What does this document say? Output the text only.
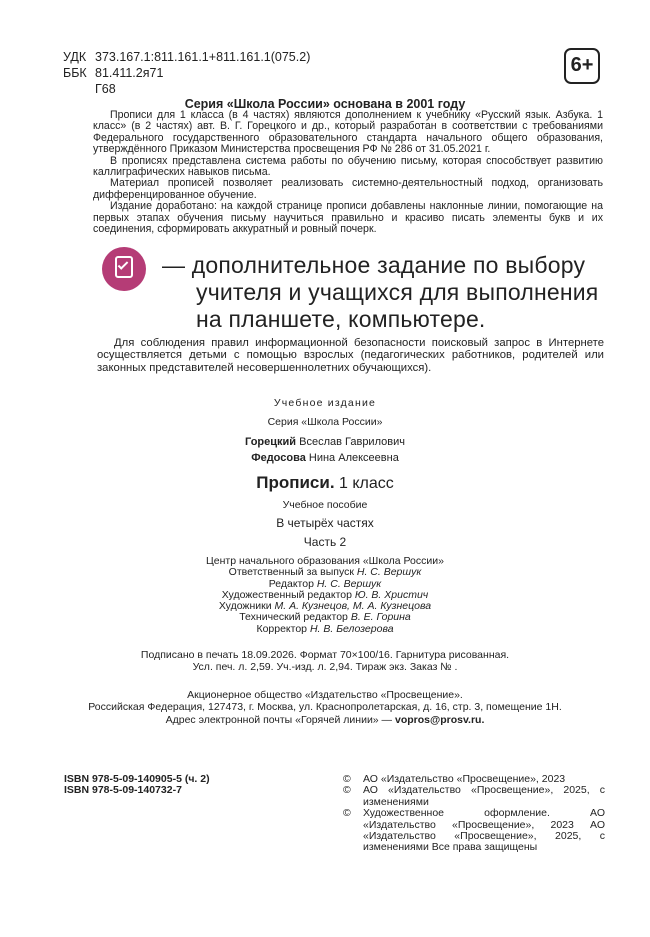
УДК 373.167.1:811.161.1+811.161.1(075.2)
ББК 81.411.2я71
Г68
6+
Серия «Школа России» основана в 2001 году

Прописи для 1 класса (в 4 частях) являются дополнением к учебнику «Русский язык. Азбука. 1 класс» (в 2 частях) авт. В. Г. Горецкого и др., который разработан в соответствии с требованиями Федерального государственного образовательного стандарта начального общего образования, утверждённого Приказом Министерства просвещения РФ № 286 от 31.05.2021 г.

В прописях представлена система работы по обучению письму, которая способствует развитию каллиграфических навыков письма.

Материал прописей позволяет реализовать системно-деятельностный подход, организовать дифференцированное обучение.

Издание доработано: на каждой странице прописи добавлены наклонные линии, помогающие на первых этапах обучения письму научиться правильно и красиво писать элементы букв и их соединения, сформировать аккуратный и ровный почерк.

— дополнительное задание по выбору
учителя и учащихся для выполнения
на планшете, компьютере.

Для соблюдения правил информационной безопасности поисковый запрос в Интернете осуществляется детьми с помощью взрослых (педагогических работников, родителей или законных представителей несовершеннолетних обучающихся).

Учебное издание
Серия «Школа России»
Горецкий Всеслав Гаврилович
Федосова Нина Алексеевна
Прописи. 1 класс
Учебное пособие
В четырёх частях
Часть 2
Центр начального образования «Школа России»
Ответственный за выпуск Н. С. Вершук
Редактор Н. С. Вершук
Художественный редактор Ю. В. Христич
Художники М. А. Кузнецов, М. А. Кузнецова
Технический редактор В. Е. Горина
Корректор Н. В. Белозерова
Подписано в печать 18.09.2026. Формат 70×100/16. Гарнитура рисованная.
Усл. печ. л. 2,59. Уч.-изд. л. 2,94. Тираж экз. Заказ № .
Акционерное общество «Издательство «Просвещение».
Российская Федерация, 127473, г. Москва, ул. Краснопролетарская, д. 16, стр. 3, помещение 1Н.
Адрес электронной почты «Горячей линии» — vopros@prosv.ru.
ISBN 978-5-09-140905-5 (ч. 2)
ISBN 978-5-09-140732-7
©	АО «Издательство «Просвещение», 2023
©	АО «Издательство «Просвещение», 2025, с изменениями
©	Художественное оформление. АО «Издательство «Просвещение», 2023 АО «Издательство «Просвещение», 2025, с изменениями Все права защищены
